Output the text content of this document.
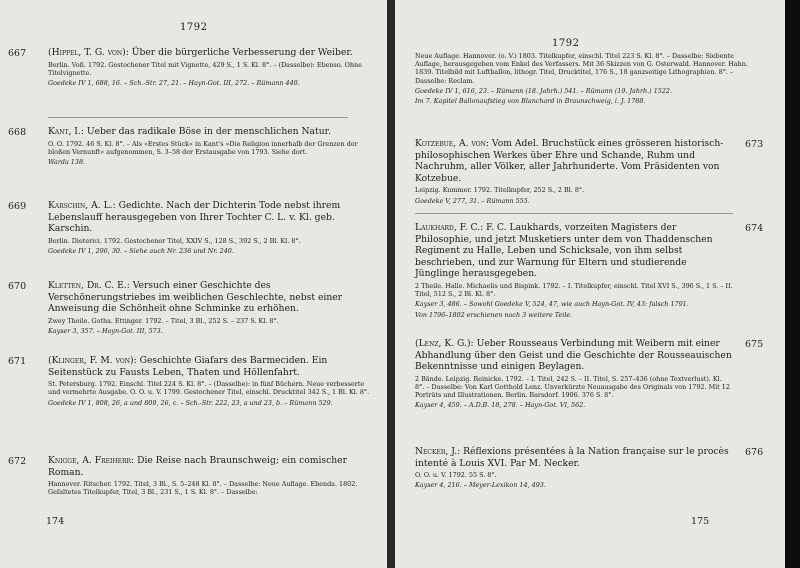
1792
667 (Hippel, T. G. von): Über die bürgerliche Verbesserung der Weiber.

Berlin. Voß. 1792. Gestochener Titel mit Vignette, 429 S., 1 S. Kl. 8°. – (Dasselbe): Ebenso. Ohne Titelvignette.

Goedeke IV 1, 688, 16. – Sch.-Str. 27, 21. – Hayn-Got. III, 272. – Rümann 440.

668 Kant, I.: Ueber das radikale Böse in der menschlichen Natur.

O. O. 1792. 46 S. Kl. 8°. – Als »Erstes Stück« in Kant's »Die Religion innerhalb der Grenzen der bloßen Vernunft« aufgenommen, S. 3–58 der Erstausgabe von 1793. Siehe dort.

Warda 138.

669 Karschin, A. L.: Gedichte. Nach der Dichterin Tode nebst ihrem Lebenslauff herausgegeben von Ihrer Tochter C. L. v. Kl. geb. Karschin.

Berlin. Dieterici. 1792. Gestochener Titel, XXIV S., 128 S., 392 S., 2 Bl. Kl. 8°.

Goedeke IV 1, 296, 30. – Siehe auch Nr. 236 und Nr. 240.

670 Kletten, Dr. C. E.: Versuch einer Geschichte des Verschönerungstriebes im weiblichen Geschlechte, nebst einer Anweisung die Schönheit ohne Schminke zu erhöhen.

Zwey Theile. Gotha. Ettinger. 1792. – Titel, 3 Bl., 252 S. – 237 S. Kl. 8°.

Kayser 3, 357. – Hayn-Got. III, 573.

671 (Klinger, F. M. von): Geschichte Giafars des Barmeciden. Ein Seitenstück zu Fausts Leben, Thaten und Höllenfahrt.

St. Petersburg. 1792. Einschl. Titel 224 S. Kl. 8°. – (Dasselbe): in fünf Büchern. Neue verbesserte und vermehrte Ausgabe. O. O. u. V. 1799. Gestochener Titel, einschl. Drucktitel 342 S., 1 Bl. Kl. 8°.

Goedeke IV 1, 808, 26, a und 809, 26, c. – Sch.-Str. 222, 23, a und 23, b. – Rümann 529.

672 Knigge, A. Freiherr: Die Reise nach Braunschweig; ein comischer Roman.

Hannover. Ritscher. 1792. Titel, 3 Bl., S. 5–248 Kl. 8°. – Dasselbe: Neue Auflage. Ebenda. 1802. Gefaltetes Titelkupfer, Titel, 3 Bl., 231 S., 1 S. Kl. 8°. – Dasselbe:

174
1792

Neue Auflage. Hannover. (o. V.) 1803. Titelkupfer, einschl. Titel 223 S. Kl. 8°. – Dasselbe: Siebente Auflage, herausgegeben vom Enkel des Verfassers. Mit 36 Skizzen von G. Osterwald. Hannover. Hahn. 1839. Titelbild mit Luftballon, lithogr. Titel, Drucktitel, 176 S., 18 ganzseitige Lithographien. 8°. – Dasselbe: Reclam.

Goedeke IV 1, 616, 23. – Rümann (18. Jahrh.) 541. – Rümann (19. Jahrh.) 1522.

Im 7. Kapitel Ballonaufstieg von Blanchard in Braunschweig, i. J. 1788.

673

Kotzebue, A. von: Vom Adel. Bruchstück eines grösseren historisch-philosophischen Werkes über Ehre und Schande, Ruhm und Nachruhm, aller Völker, aller Jahrhunderte. Vom Präsidenten von Kotzebue.

Leipzig. Kummer. 1792. Titelkupfer, 252 S., 2 Bl. 8°.

Goedeke V, 277, 31. – Rümann 555.

674

Laukhard, F. C.: F. C. Laukhards, vorzeiten Magisters der Philosophie, und jetzt Musketiers unter dem von Thaddenschen Regiment zu Halle, Leben und Schicksale, von ihm selbst beschrieben, und zur Warnung für Eltern und studierende Jünglinge herausgegeben.

2 Theile. Halle. Michaelis und Bispink. 1792. – I. Titelkupfer, einschl. Titel XVI S., 396 S., 1 S. – II. Titel, 512 S., 2 Bl. Kl. 8°.

Kayser 3, 486. – Sowohl Goedeke V, 524, 47, wie auch Hayn-Got. IV, 43: falsch 1791.

Von 1796–1802 erschienen noch 3 weitere Teile.

675

(Lenz, K. G.): Ueber Rousseaus Verbindung mit Weibern mit einer Abhandlung über den Geist und die Geschichte der Rousseauischen Bekenntnisse und einigen Beylagen.

2 Bände. Leipzig. Reinicke. 1792. – I. Titel, 242 S. – II. Titel, S. 257–436 (ohne Textverlust). Kl. 8°. – Dasselbe: Von Karl Gotthold Lenz. Unverkürzte Neuausgabe des Originals von 1792. Mit 12 Porträts und Illustrationen. Berlin. Barsdorf. 1906. 376 S. 8°.

Kayser 4, 459. – A.D.B. 18, 278. – Hayn-Got. VI, 562.

676

Necker, J.: Réflexions présentées à la Nation française sur le procès intenté à Louis XVI. Par M. Necker.

O. O. u. V. 1792. 55 S. 8°.

Kayser 4, 216. – Meyer-Lexikon 14, 493.

175
